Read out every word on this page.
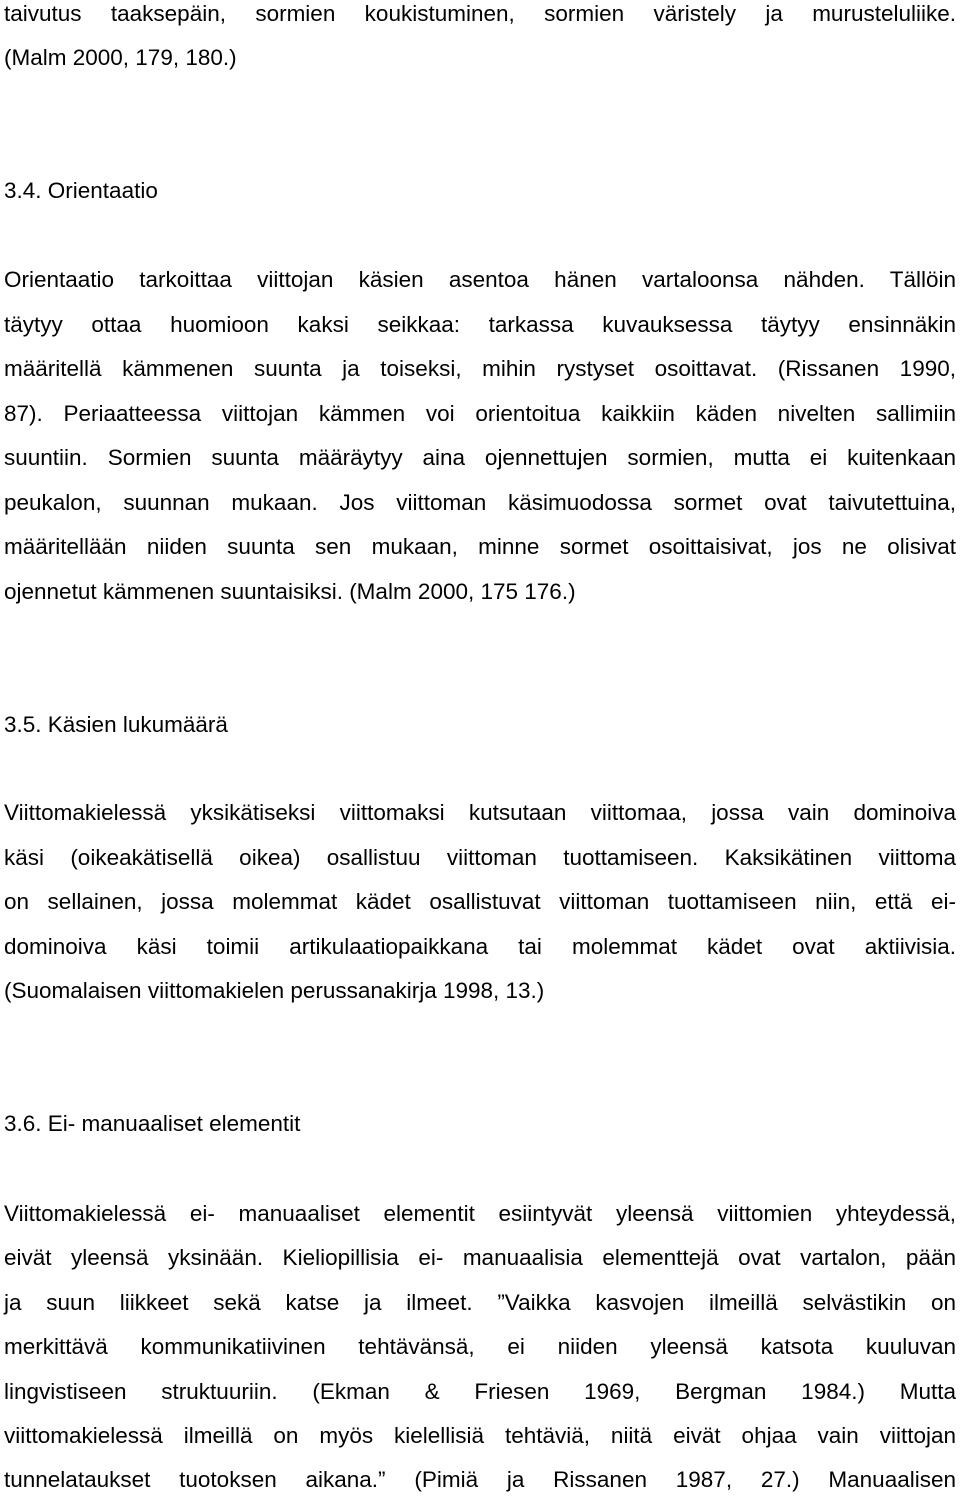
taivutus taaksepäin, sormien koukistuminen, sormien väristely ja murusteluliike.
(Malm 2000, 179, 180.)
3.4. Orientaatio
Orientaatio tarkoittaa viittojan käsien asentoa hänen vartaloonsa nähden. Tällöin
täytyy ottaa huomioon kaksi seikkaa: tarkassa kuvauksessa täytyy ensinnäkin
määritellä kämmenen suunta ja toiseksi, mihin rystyset osoittavat. (Rissanen 1990,
87). Periaatteessa viittojan kämmen voi orientoitua kaikkiin käden nivelten sallimiin
suuntiin. Sormien suunta määräytyy aina ojennettujen sormien, mutta ei kuitenkaan
peukalon, suunnan mukaan. Jos viittoman käsimuodossa sormet ovat taivutettuina,
määritellään niiden suunta sen mukaan, minne sormet osoittaisivat, jos ne olisivat
ojennetut kämmenen suuntaisiksi. (Malm 2000, 175 176.)
3.5. Käsien lukumäärä
Viittomakielessä yksikätiseksi viittomaksi kutsutaan viittomaa, jossa vain dominoiva
käsi (oikeakätisellä oikea) osallistuu viittoman tuottamiseen. Kaksikätinen viittoma
on sellainen, jossa molemmat kädet osallistuvat viittoman tuottamiseen niin, että ei-
dominoiva käsi toimii artikulaatiopaikkana tai molemmat kädet ovat aktiivisia.
(Suomalaisen viittomakielen perussanakirja 1998, 13.)
3.6. Ei- manuaaliset elementit
Viittomakielessä ei- manuaaliset elementit esiintyvät yleensä viittomien yhteydessä,
eivät yleensä yksinään. Kieliopillisia ei- manuaalisia elementtejä ovat vartalon, pään
ja suun liikkeet sekä katse ja ilmeet. ”Vaikka kasvojen ilmeillä selvästikin on
merkittävä kommunikatiivinen tehtävänsä, ei niiden yleensä katsota kuuluvan
lingvistiseen struktuuriin. (Ekman & Friesen 1969, Bergman 1984.) Mutta
viittomakielessä ilmeillä on myös kielellisiä tehtäviä, niitä eivät ohjaa vain viittojan
tunnelataukset tuotoksen aikana.” (Pimiä ja Rissanen 1987, 27.) Manuaalisen
